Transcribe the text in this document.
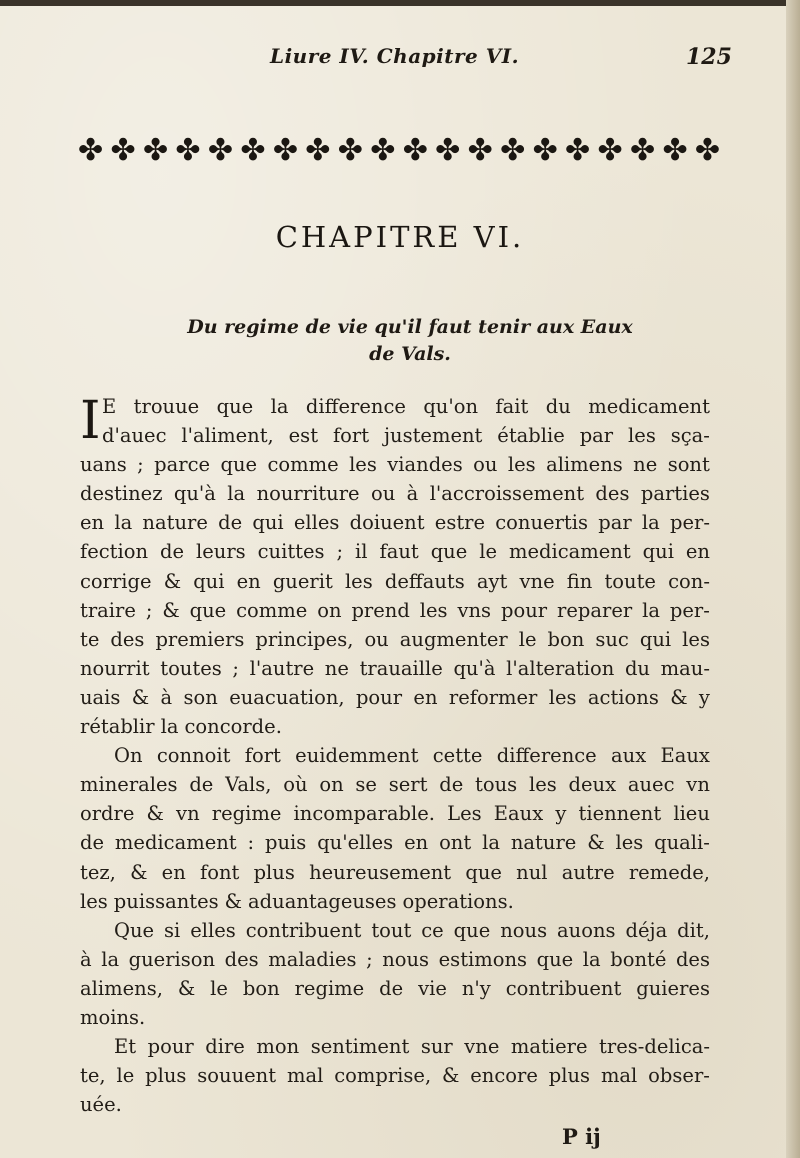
Liure IV. Chapitre VI.	125
✤ ✤ ✤ ✤ ✤ ✤ ✤ ✤ ✤ ✤ ✤ ✤ ✤ ✤ ✤ ✤ ✤ ✤ ✤ ✤
CHAPITRE VI.
Du regime de vie qu'il faut tenir aux Eaux
de Vals.
I E trouue que la difference qu'on fait du medicament
d'auec l'aliment, est fort justement établie par les sça-
uans ; parce que comme les viandes ou les alimens ne sont
destinez qu'à la nourriture ou à l'accroissement des parties
en la nature de qui elles doiuent estre conuertis par la per-
fection de leurs cuittes ; il faut que le medicament qui en
corrige & qui en guerit les deffauts ayt vne fin toute con-
traire ; & que comme on prend les vns pour reparer la per-
te des premiers principes, ou augmenter le bon suc qui les
nourrit toutes ; l'autre ne trauaille qu'à l'alteration du mau-
uais & à son euacuation, pour en reformer les actions & y
rétablir la concorde.
On connoit fort euidemment cette difference aux Eaux
minerales de Vals, où on se sert de tous les deux auec vn
ordre & vn regime incomparable. Les Eaux y tiennent lieu
de medicament : puis qu'elles en ont la nature & les quali-
tez, & en font plus heureusement que nul autre remede,
les puissantes & aduantageuses operations.
Que si elles contribuent tout ce que nous auons déja dit,
à la guerison des maladies ; nous estimons que la bonté des
alimens, & le bon regime de vie n'y contribuent guieres
moins.
Et pour dire mon sentiment sur vne matiere tres-delica-
te, le plus souuent mal comprise, & encore plus mal obser-
uée.
P ij
